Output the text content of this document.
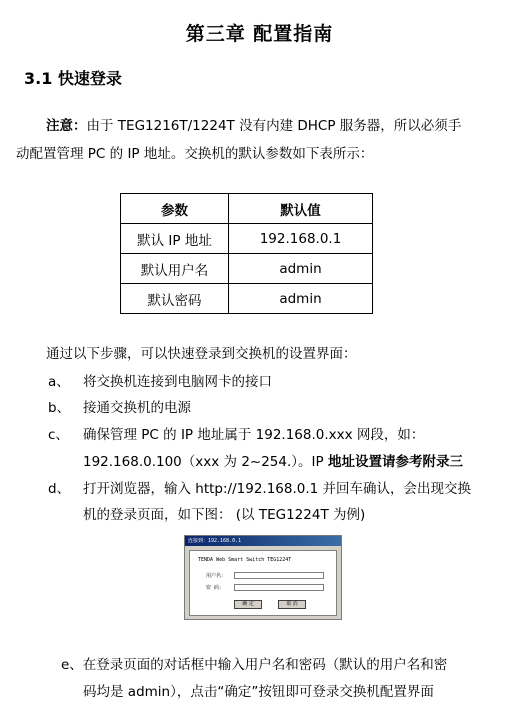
第三章 配置指南
3.1 快速登录
注意：由于 TEG1216T/1224T 没有内建 DHCP 服务器，所以必须手
动配置管理 PC 的 IP 地址。交换机的默认参数如下表所示：
参数	默认值
默认 IP 地址	192.168.0.1
默认用户名	admin
默认密码	admin
通过以下步骤，可以快速登录到交换机的设置界面：
a、 将交换机连接到电脑网卡的接口
b、 接通交换机的电源
c、 确保管理 PC 的 IP 地址属于 192.168.0.xxx 网段，如：
192.168.0.100（xxx 为 2~254.）。IP 地址设置请参考附录三
d、 打开浏览器，输入 http://192.168.0.1 并回车确认，会出现交换
机的登录页面，如下图： (以 TEG1224T 为例)
连接到：192.168.0.1
TENDA Web Smart Switch TEG1224T
用户名：
密 码：
确 定	取 消
e、在登录页面的对话框中输入用户名和密码（默认的用户名和密
码均是 admin），点击“确定”按钮即可登录交换机配置界面
